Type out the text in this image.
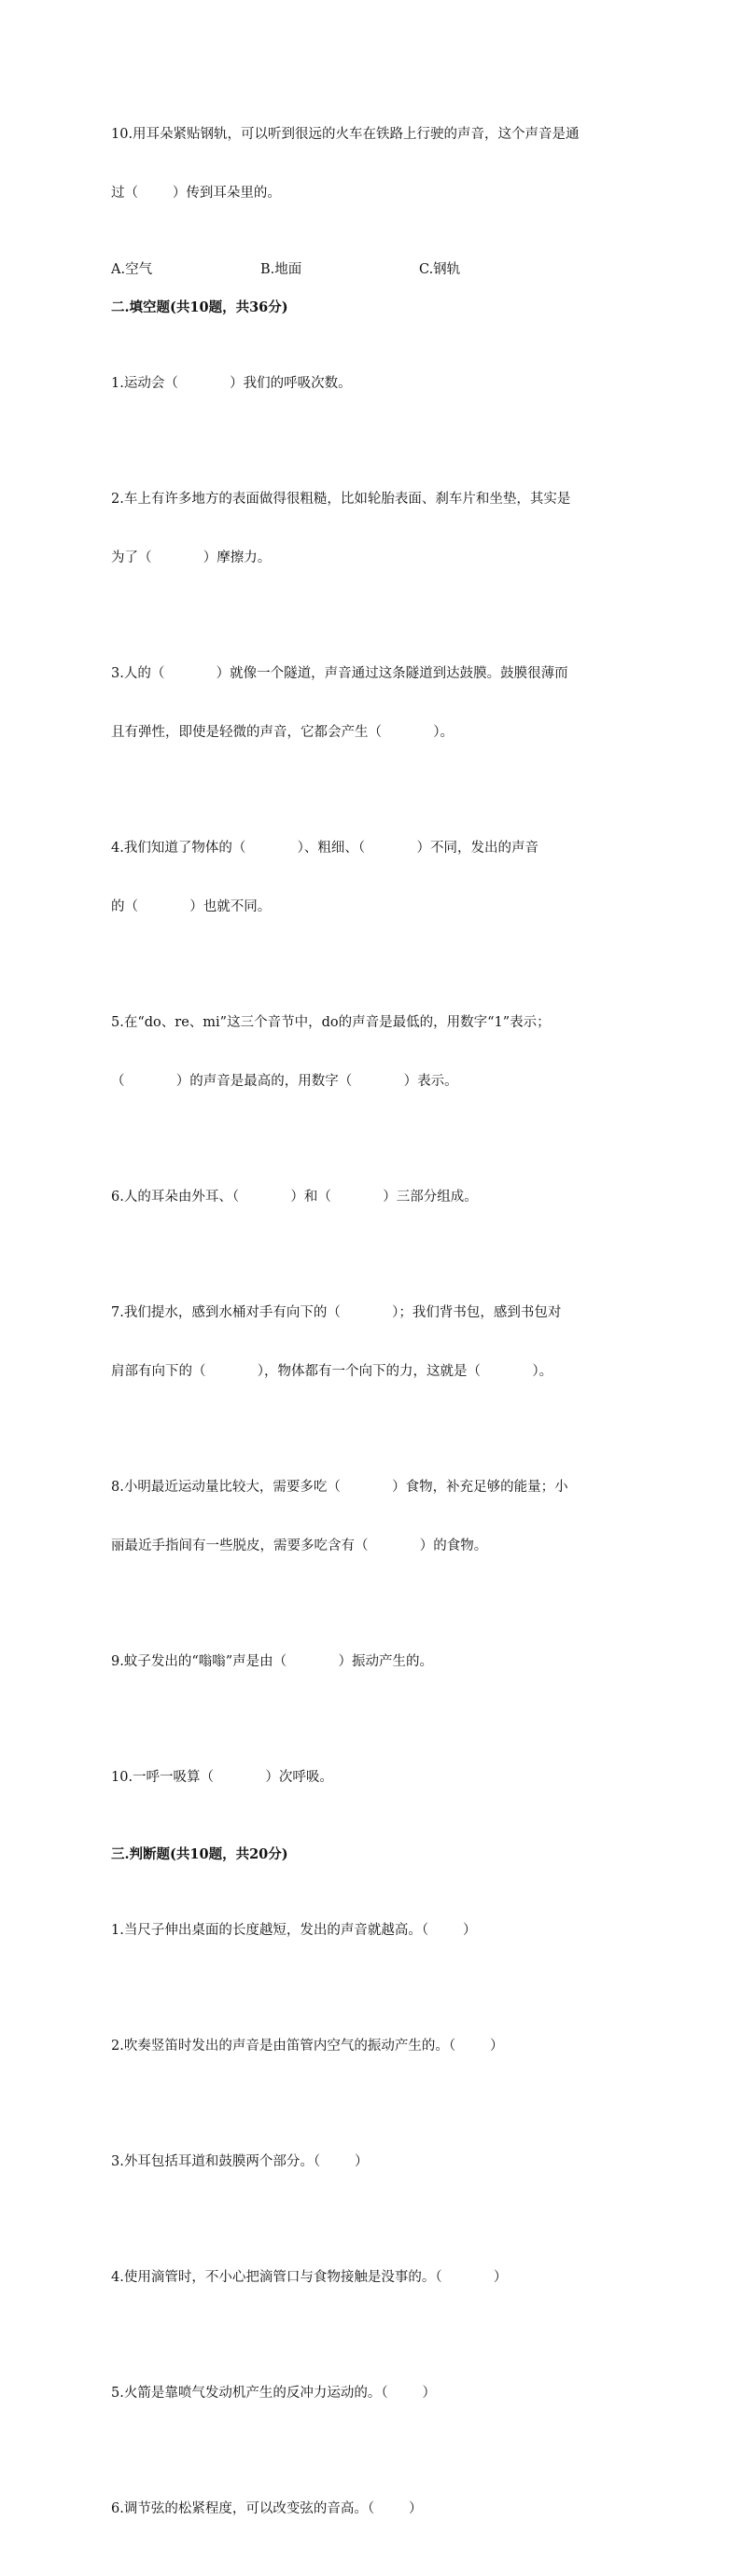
10.用耳朵紧贴钢轨，可以听到很远的火车在铁路上行驶的声音，这个声音是通

过（        ）传到耳朵里的。

A.空气	B.地面	C.钢轨
二.填空题(共10题，共36分)

1.运动会（            ）我们的呼吸次数。

2.车上有许多地方的表面做得很粗糙，比如轮胎表面、刹车片和坐垫，其实是

为了（            ）摩擦力。

3.人的（            ）就像一个隧道，声音通过这条隧道到达鼓膜。鼓膜很薄而

且有弹性，即使是轻微的声音，它都会产生（            ）。

4.我们知道了物体的（            ）、粗细、（            ）不同，发出的声音

的（            ）也就不同。

5.在“do、re、mi”这三个音节中，do的声音是最低的，用数字“1”表示；

（            ）的声音是最高的，用数字（            ）表示。

6.人的耳朵由外耳、（            ）和（            ）三部分组成。

7.我们提水，感到水桶对手有向下的（            ）；我们背书包，感到书包对

肩部有向下的（            ），物体都有一个向下的力，这就是（            ）。

8.小明最近运动量比较大，需要多吃（            ）食物，补充足够的能量；小

丽最近手指间有一些脱皮，需要多吃含有（            ）的食物。

9.蚊子发出的“嗡嗡”声是由（            ）振动产生的。

10.一呼一吸算（            ）次呼吸。

三.判断题(共10题，共20分)

1.当尺子伸出桌面的长度越短，发出的声音就越高。（        ）

2.吹奏竖笛时发出的声音是由笛管内空气的振动产生的。（        ）

3.外耳包括耳道和鼓膜两个部分。（        ）

4.使用滴管时，不小心把滴管口与食物接触是没事的。（            ）

5.火箭是靠喷气发动机产生的反冲力运动的。（        ）

6.调节弦的松紧程度，可以改变弦的音高。（        ）
